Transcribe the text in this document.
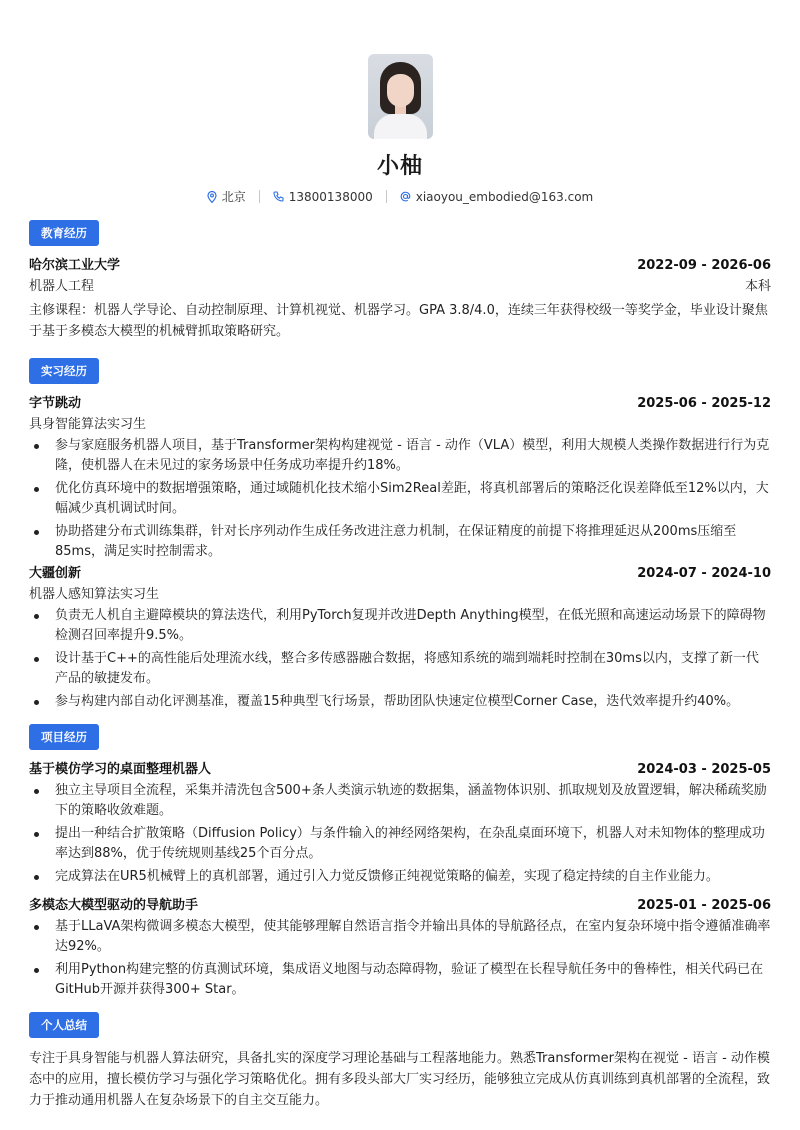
小柚
北京	13800138000	xiaoyou_embodied@163.com
教育经历
哈尔滨工业大学	2022-09 - 2026-06
机器人工程	本科
主修课程：机器人学导论、自动控制原理、计算机视觉、机器学习。GPA 3.8/4.0，连续三年获得校级一等奖学金，毕业设计聚焦于基于多模态大模型的机械臂抓取策略研究。
实习经历
字节跳动	2025-06 - 2025-12
具身智能算法实习生
参与家庭服务机器人项目，基于Transformer架构构建视觉 - 语言 - 动作（VLA）模型，利用大规模人类操作数据进行行为克隆，使机器人在未见过的家务场景中任务成功率提升约18%。
优化仿真环境中的数据增强策略，通过域随机化技术缩小Sim2Real差距，将真机部署后的策略泛化误差降低至12%以内，大幅减少真机调试时间。
协助搭建分布式训练集群，针对长序列动作生成任务改进注意力机制，在保证精度的前提下将推理延迟从200ms压缩至85ms，满足实时控制需求。
大疆创新	2024-07 - 2024-10
机器人感知算法实习生
负责无人机自主避障模块的算法迭代，利用PyTorch复现并改进Depth Anything模型，在低光照和高速运动场景下的障碍物检测召回率提升9.5%。
设计基于C++的高性能后处理流水线，整合多传感器融合数据，将感知系统的端到端耗时控制在30ms以内，支撑了新一代产品的敏捷发布。
参与构建内部自动化评测基准，覆盖15种典型飞行场景，帮助团队快速定位模型Corner Case，迭代效率提升约40%。
项目经历
基于模仿学习的桌面整理机器人	2024-03 - 2025-05
独立主导项目全流程，采集并清洗包含500+条人类演示轨迹的数据集，涵盖物体识别、抓取规划及放置逻辑，解决稀疏奖励下的策略收敛难题。
提出一种结合扩散策略（Diffusion Policy）与条件输入的神经网络架构，在杂乱桌面环境下，机器人对未知物体的整理成功率达到88%，优于传统规则基线25个百分点。
完成算法在UR5机械臂上的真机部署，通过引入力觉反馈修正纯视觉策略的偏差，实现了稳定持续的自主作业能力。
多模态大模型驱动的导航助手	2025-01 - 2025-06
基于LLaVA架构微调多模态大模型，使其能够理解自然语言指令并输出具体的导航路径点，在室内复杂环境中指令遵循准确率达92%。
利用Python构建完整的仿真测试环境，集成语义地图与动态障碍物，验证了模型在长程导航任务中的鲁棒性，相关代码已在GitHub开源并获得300+ Star。
个人总结
专注于具身智能与机器人算法研究，具备扎实的深度学习理论基础与工程落地能力。熟悉Transformer架构在视觉 - 语言 - 动作模态中的应用，擅长模仿学习与强化学习策略优化。拥有多段头部大厂实习经历，能够独立完成从仿真训练到真机部署的全流程，致力于推动通用机器人在复杂场景下的自主交互能力。
